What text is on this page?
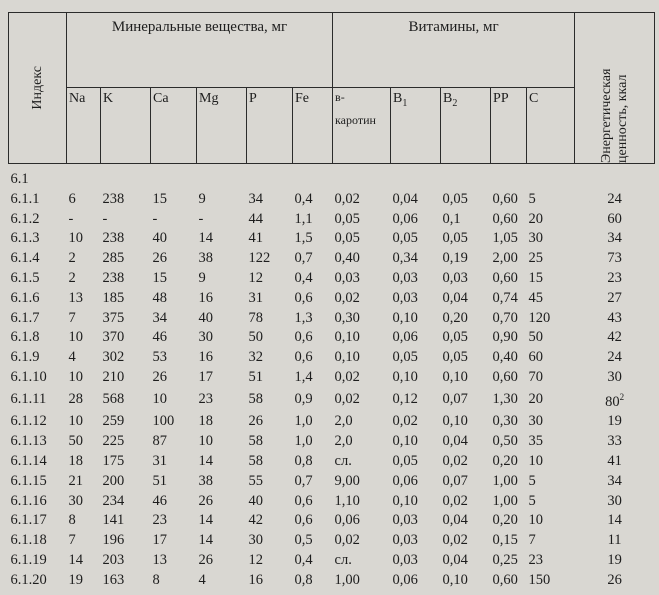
Индекс	Минеральные вещества, мг						Витамины, мг					Энергетическая ценность, ккал

	Na	K	Ca	Mg	P	Fe	в-
каротин	$B_1$	$B_2$	PP	C	
6.1												
6.1.1	6	238	15	9	34	0,4	0,02	0,04	0,05	0,60	5	24
6.1.2	-	-	-	-	44	1,1	0,05	0,06	0,1	0,60	20	60
6.1.3	10	238	40	14	41	1,5	0,05	0,05	0,05	1,05	30	34
6.1.4	2	285	26	38	122	0,7	0,40	0,34	0,19	2,00	25	73
6.1.5	2	238	15	9	12	0,4	0,03	0,03	0,03	0,60	15	23
6.1.6	13	185	48	16	31	0,6	0,02	0,03	0,04	0,74	45	27
6.1.7	7	375	34	40	78	1,3	0,30	0,10	0,20	0,70	120	43
6.1.8	10	370	46	30	50	0,6	0,10	0,06	0,05	0,90	50	42
6.1.9	4	302	53	16	32	0,6	0,10	0,05	0,05	0,40	60	24
6.1.10	10	210	26	17	51	1,4	0,02	0,10	0,10	0,60	70	30
6.1.11	28	568	10	23	58	0,9	0,02	0,12	0,07	1,30	20	$80^2$
6.1.12	10	259	100	18	26	1,0	2,0	0,02	0,10	0,30	30	19
6.1.13	50	225	87	10	58	1,0	2,0	0,10	0,04	0,50	35	33
6.1.14	18	175	31	14	58	0,8	сл.	0,05	0,02	0,20	10	41
6.1.15	21	200	51	38	55	0,7	9,00	0,06	0,07	1,00	5	34
6.1.16	30	234	46	26	40	0,6	1,10	0,10	0,02	1,00	5	30
6.1.17	8	141	23	14	42	0,6	0,06	0,03	0,04	0,20	10	14
6.1.18	7	196	17	14	30	0,5	0,02	0,03	0,02	0,15	7	11
6.1.19	14	203	13	26	12	0,4	сл.	0,03	0,04	0,25	23	19
6.1.20	19	163	8	4	16	0,8	1,00	0,06	0,10	0,60	150	26
